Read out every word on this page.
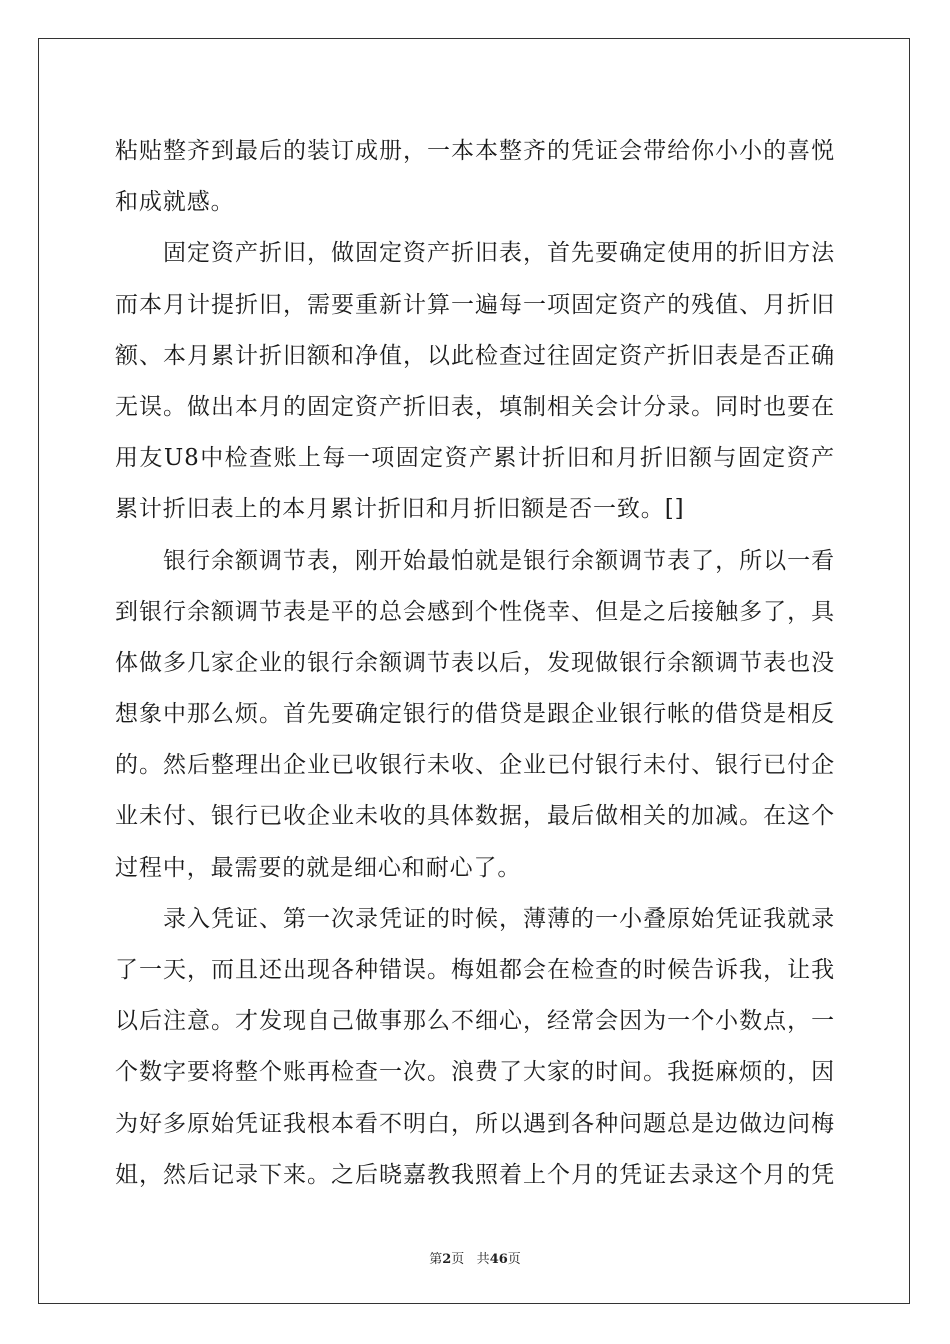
粘贴整齐到最后的装订成册，一本本整齐的凭证会带给你小小的喜悦
和成就感。
固定资产折旧，做固定资产折旧表，首先要确定使用的折旧方法
而本月计提折旧，需要重新计算一遍每一项固定资产的残值、月折旧
额、本月累计折旧额和净值，以此检查过往固定资产折旧表是否正确
无误。做出本月的固定资产折旧表，填制相关会计分录。同时也要在
用友U8中检查账上每一项固定资产累计折旧和月折旧额与固定资产
累计折旧表上的本月累计折旧和月折旧额是否一致。[]
银行余额调节表，刚开始最怕就是银行余额调节表了，所以一看
到银行余额调节表是平的总会感到个性侥幸、但是之后接触多了，具
体做多几家企业的银行余额调节表以后，发现做银行余额调节表也没
想象中那么烦。首先要确定银行的借贷是跟企业银行帐的借贷是相反
的。然后整理出企业已收银行未收、企业已付银行未付、银行已付企
业未付、银行已收企业未收的具体数据，最后做相关的加减。在这个
过程中，最需要的就是细心和耐心了。
录入凭证、第一次录凭证的时候，薄薄的一小叠原始凭证我就录
了一天，而且还出现各种错误。梅姐都会在检查的时候告诉我，让我
以后注意。才发现自己做事那么不细心，经常会因为一个小数点，一
个数字要将整个账再检查一次。浪费了大家的时间。我挺麻烦的，因
为好多原始凭证我根本看不明白，所以遇到各种问题总是边做边问梅
姐，然后记录下来。之后晓嘉教我照着上个月的凭证去录这个月的凭
第2页 共46页
